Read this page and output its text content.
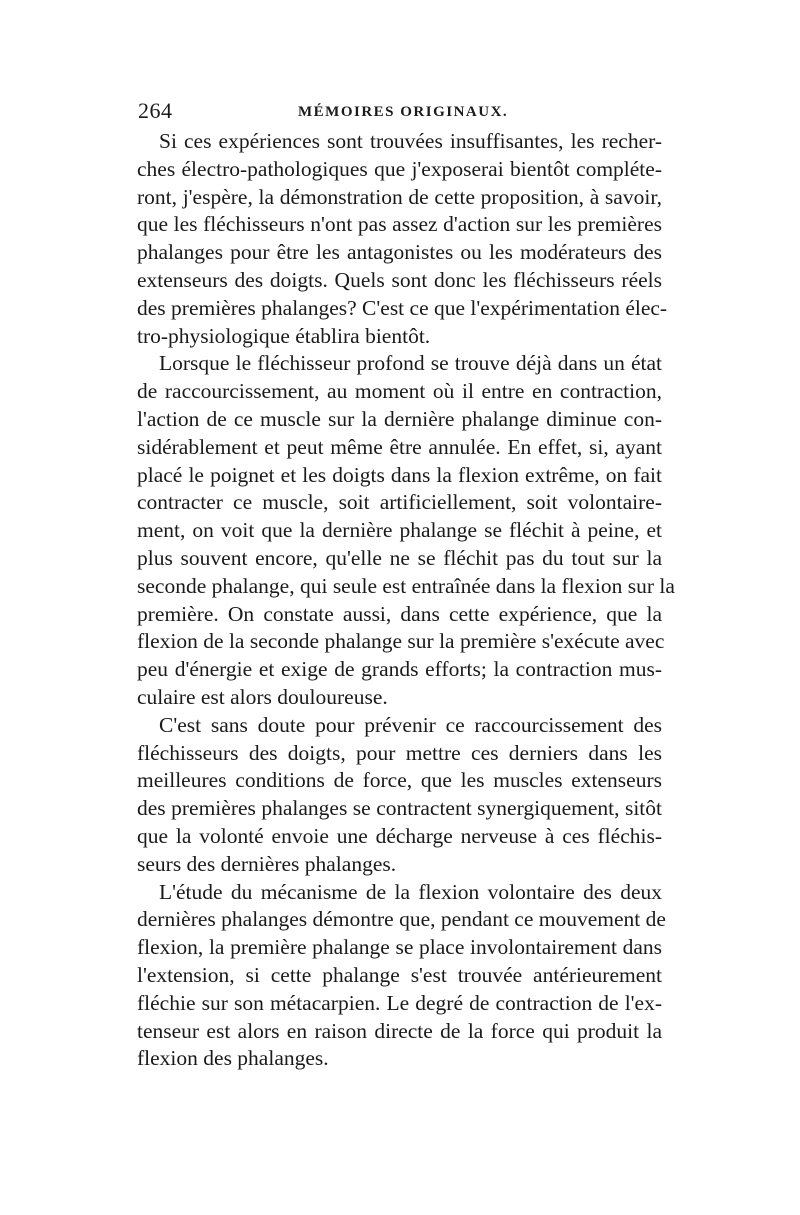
264	MÉMOIRES ORIGINAUX.
Si ces expériences sont trouvées insuffisantes, les recher-
ches électro-pathologiques que j'exposerai bientôt compléte-
ront, j'espère, la démonstration de cette proposition, à savoir,
que les fléchisseurs n'ont pas assez d'action sur les premières
phalanges pour être les antagonistes ou les modérateurs des
extenseurs des doigts. Quels sont donc les fléchisseurs réels
des premières phalanges? C'est ce que l'expérimentation élec-
tro-physiologique établira bientôt.
Lorsque le fléchisseur profond se trouve déjà dans un état
de raccourcissement, au moment où il entre en contraction,
l'action de ce muscle sur la dernière phalange diminue con-
sidérablement et peut même être annulée. En effet, si, ayant
placé le poignet et les doigts dans la flexion extrême, on fait
contracter ce muscle, soit artificiellement, soit volontaire-
ment, on voit que la dernière phalange se fléchit à peine, et
plus souvent encore, qu'elle ne se fléchit pas du tout sur la
seconde phalange, qui seule est entraînée dans la flexion sur la
première. On constate aussi, dans cette expérience, que la
flexion de la seconde phalange sur la première s'exécute avec
peu d'énergie et exige de grands efforts; la contraction mus-
culaire est alors douloureuse.
C'est sans doute pour prévenir ce raccourcissement des
fléchisseurs des doigts, pour mettre ces derniers dans les
meilleures conditions de force, que les muscles extenseurs
des premières phalanges se contractent synergiquement, sitôt
que la volonté envoie une décharge nerveuse à ces fléchis-
seurs des dernières phalanges.
L'étude du mécanisme de la flexion volontaire des deux
dernières phalanges démontre que, pendant ce mouvement de
flexion, la première phalange se place involontairement dans
l'extension, si cette phalange s'est trouvée antérieurement
fléchie sur son métacarpien. Le degré de contraction de l'ex-
tenseur est alors en raison directe de la force qui produit la
flexion des phalanges.
